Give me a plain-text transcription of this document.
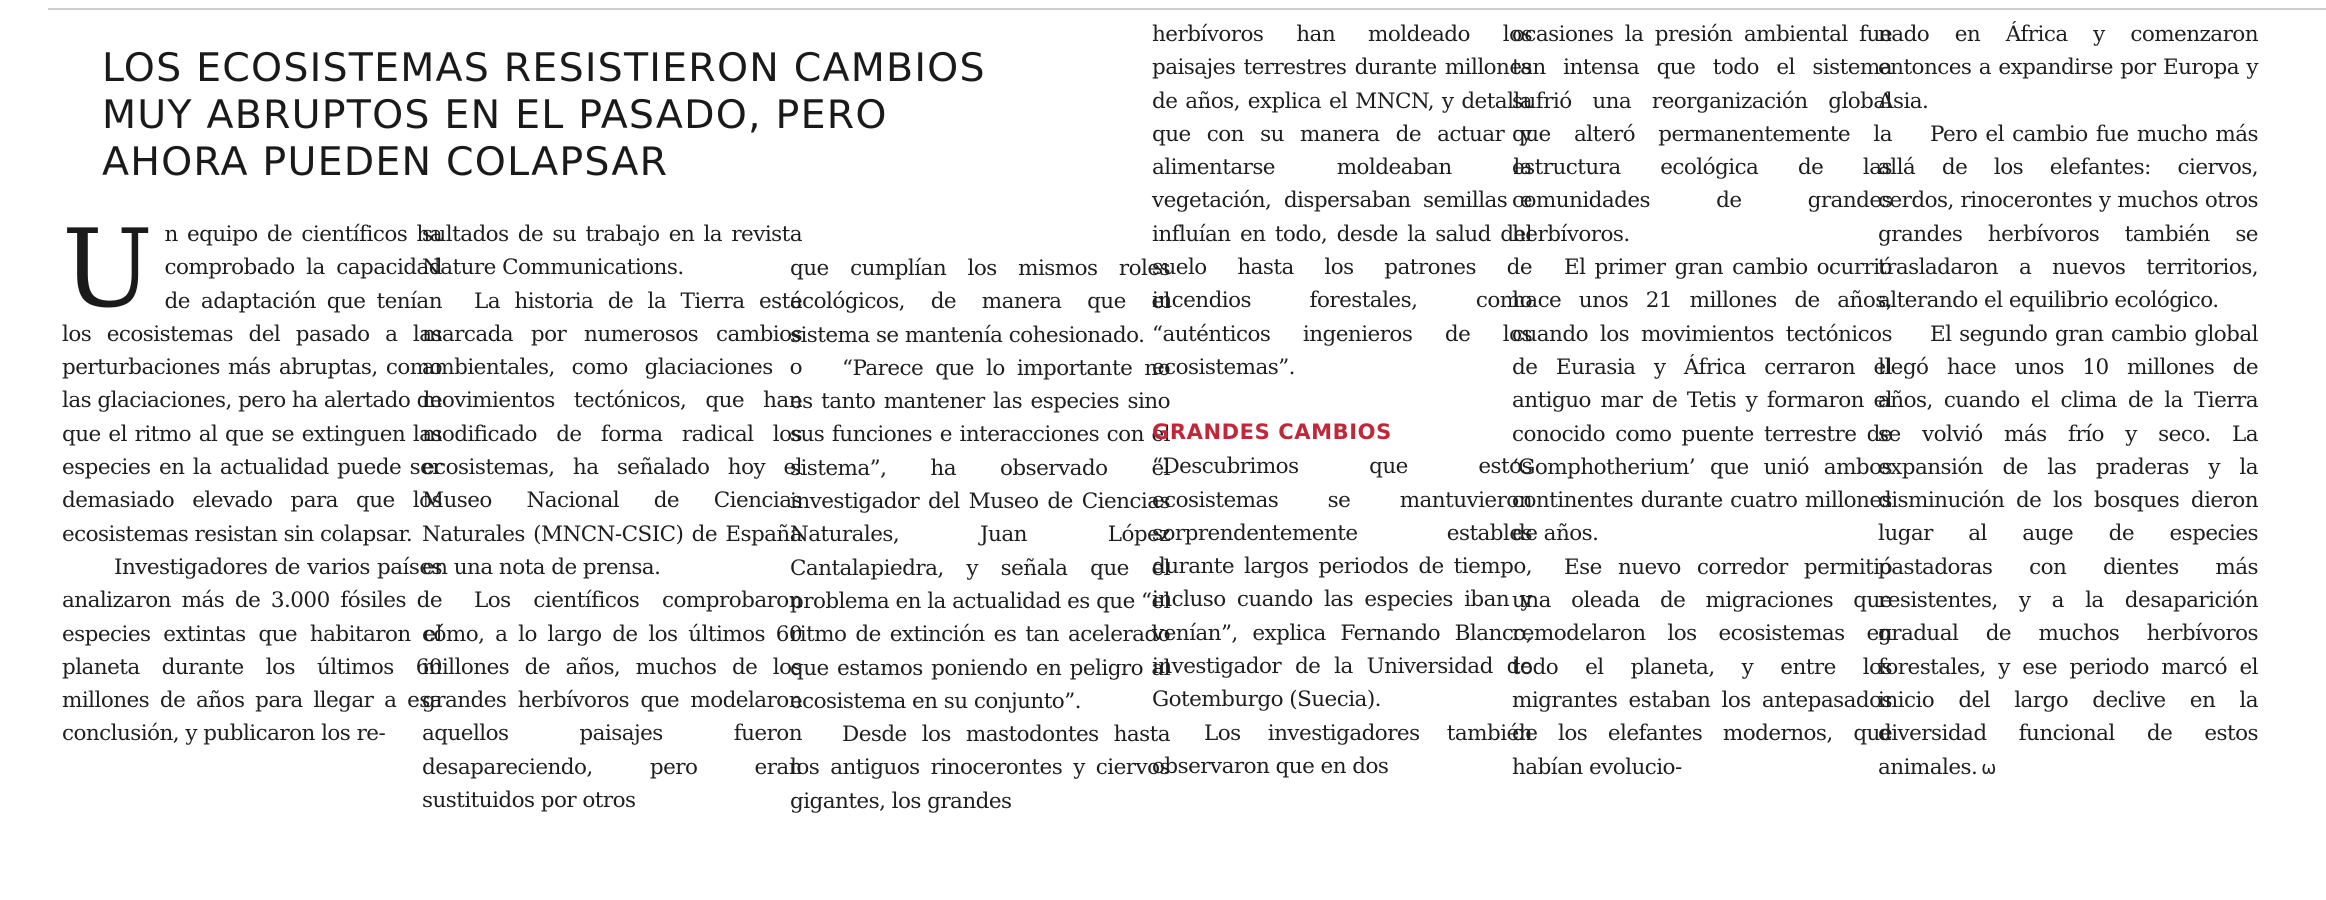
LOS ECOSISTEMAS RESISTIERON CAMBIOS
MUY ABRUPTOS EN EL PASADO, PERO
AHORA PUEDEN COLAPSAR

Un equipo de científicos ha comprobado la capacidad de adaptación que tenían los ecosistemas del pasado a las perturbaciones más abruptas, como las glaciaciones, pero ha alertado de que el ritmo al que se extinguen las especies en la actualidad puede ser demasiado elevado para que los ecosistemas resistan sin colapsar.

Investigadores de varios países analizaron más de 3.000 fósiles de especies extintas que habitaron el planeta durante los últimos 60 millones de años para llegar a esa conclusión, y publicaron los re-

sultados de su trabajo en la revista Nature Communications.

La historia de la Tierra está marcada por numerosos cambios ambientales, como glaciaciones o movimientos tectónicos, que han modificado de forma radical los ecosistemas, ha señalado hoy el Museo Nacional de Ciencias Naturales (MNCN-CSIC) de España en una nota de prensa.

Los científicos comprobaron cómo, a lo largo de los últimos 60 millones de años, muchos de los grandes herbívoros que modelaron aquellos paisajes fueron desapareciendo, pero eran sustituidos por otros

que cumplían los mismos roles ecológicos, de manera que el sistema se mantenía cohesionado.

“Parece que lo importante no es tanto mantener las especies sino sus funciones e interacciones con el sistema”, ha observado el investigador del Museo de Ciencias Naturales, Juan López Cantalapiedra, y señala que el problema en la actualidad es que “el ritmo de extinción es tan acelerado que estamos poniendo en peligro al ecosistema en su conjunto”.

Desde los mastodontes hasta los antiguos rinocerontes y ciervos gigantes, los grandes

herbívoros han moldeado los paisajes terrestres durante millones de años, explica el MNCN, y detalla que con su manera de actuar y alimentarse moldeaban la vegetación, dispersaban semillas e influían en todo, desde la salud del suelo hasta los patrones de incendios forestales, como “auténticos ingenieros de los ecosistemas”.

GRANDES CAMBIOS

“Descubrimos que estos ecosistemas se mantuvieron sorprendentemente estables durante largos periodos de tiempo, incluso cuando las especies iban y venían”, explica Fernando Blanco, investigador de la Universidad de Gotemburgo (Suecia).

Los investigadores también observaron que en dos

ocasiones la presión ambiental fue tan intensa que todo el sistema sufrió una reorganización global que alteró permanentemente la estructura ecológica de las comunidades de grandes herbívoros.

El primer gran cambio ocurrió hace unos 21 millones de años, cuando los movimientos tectónicos de Eurasia y África cerraron el antiguo mar de Tetis y formaron el conocido como puente terrestre de ‘Gomphotherium’ que unió ambos continentes durante cuatro millones de años.

Ese nuevo corredor permitió una oleada de migraciones que remodelaron los ecosistemas en todo el planeta, y entre los migrantes estaban los antepasados de los elefantes modernos, que habían evolucio-

nado en África y comenzaron entonces a expandirse por Europa y Asia.

Pero el cambio fue mucho más allá de los elefantes: ciervos, cerdos, rinocerontes y muchos otros grandes herbívoros también se trasladaron a nuevos territorios, alterando el equilibrio ecológico.

El segundo gran cambio global llegó hace unos 10 millones de años, cuando el clima de la Tierra se volvió más frío y seco. La expansión de las praderas y la disminución de los bosques dieron lugar al auge de especies pastadoras con dientes más resistentes, y a la desaparición gradual de muchos herbívoros forestales, y ese periodo marcó el inicio del largo declive en la diversidad funcional de estos animales. ω
